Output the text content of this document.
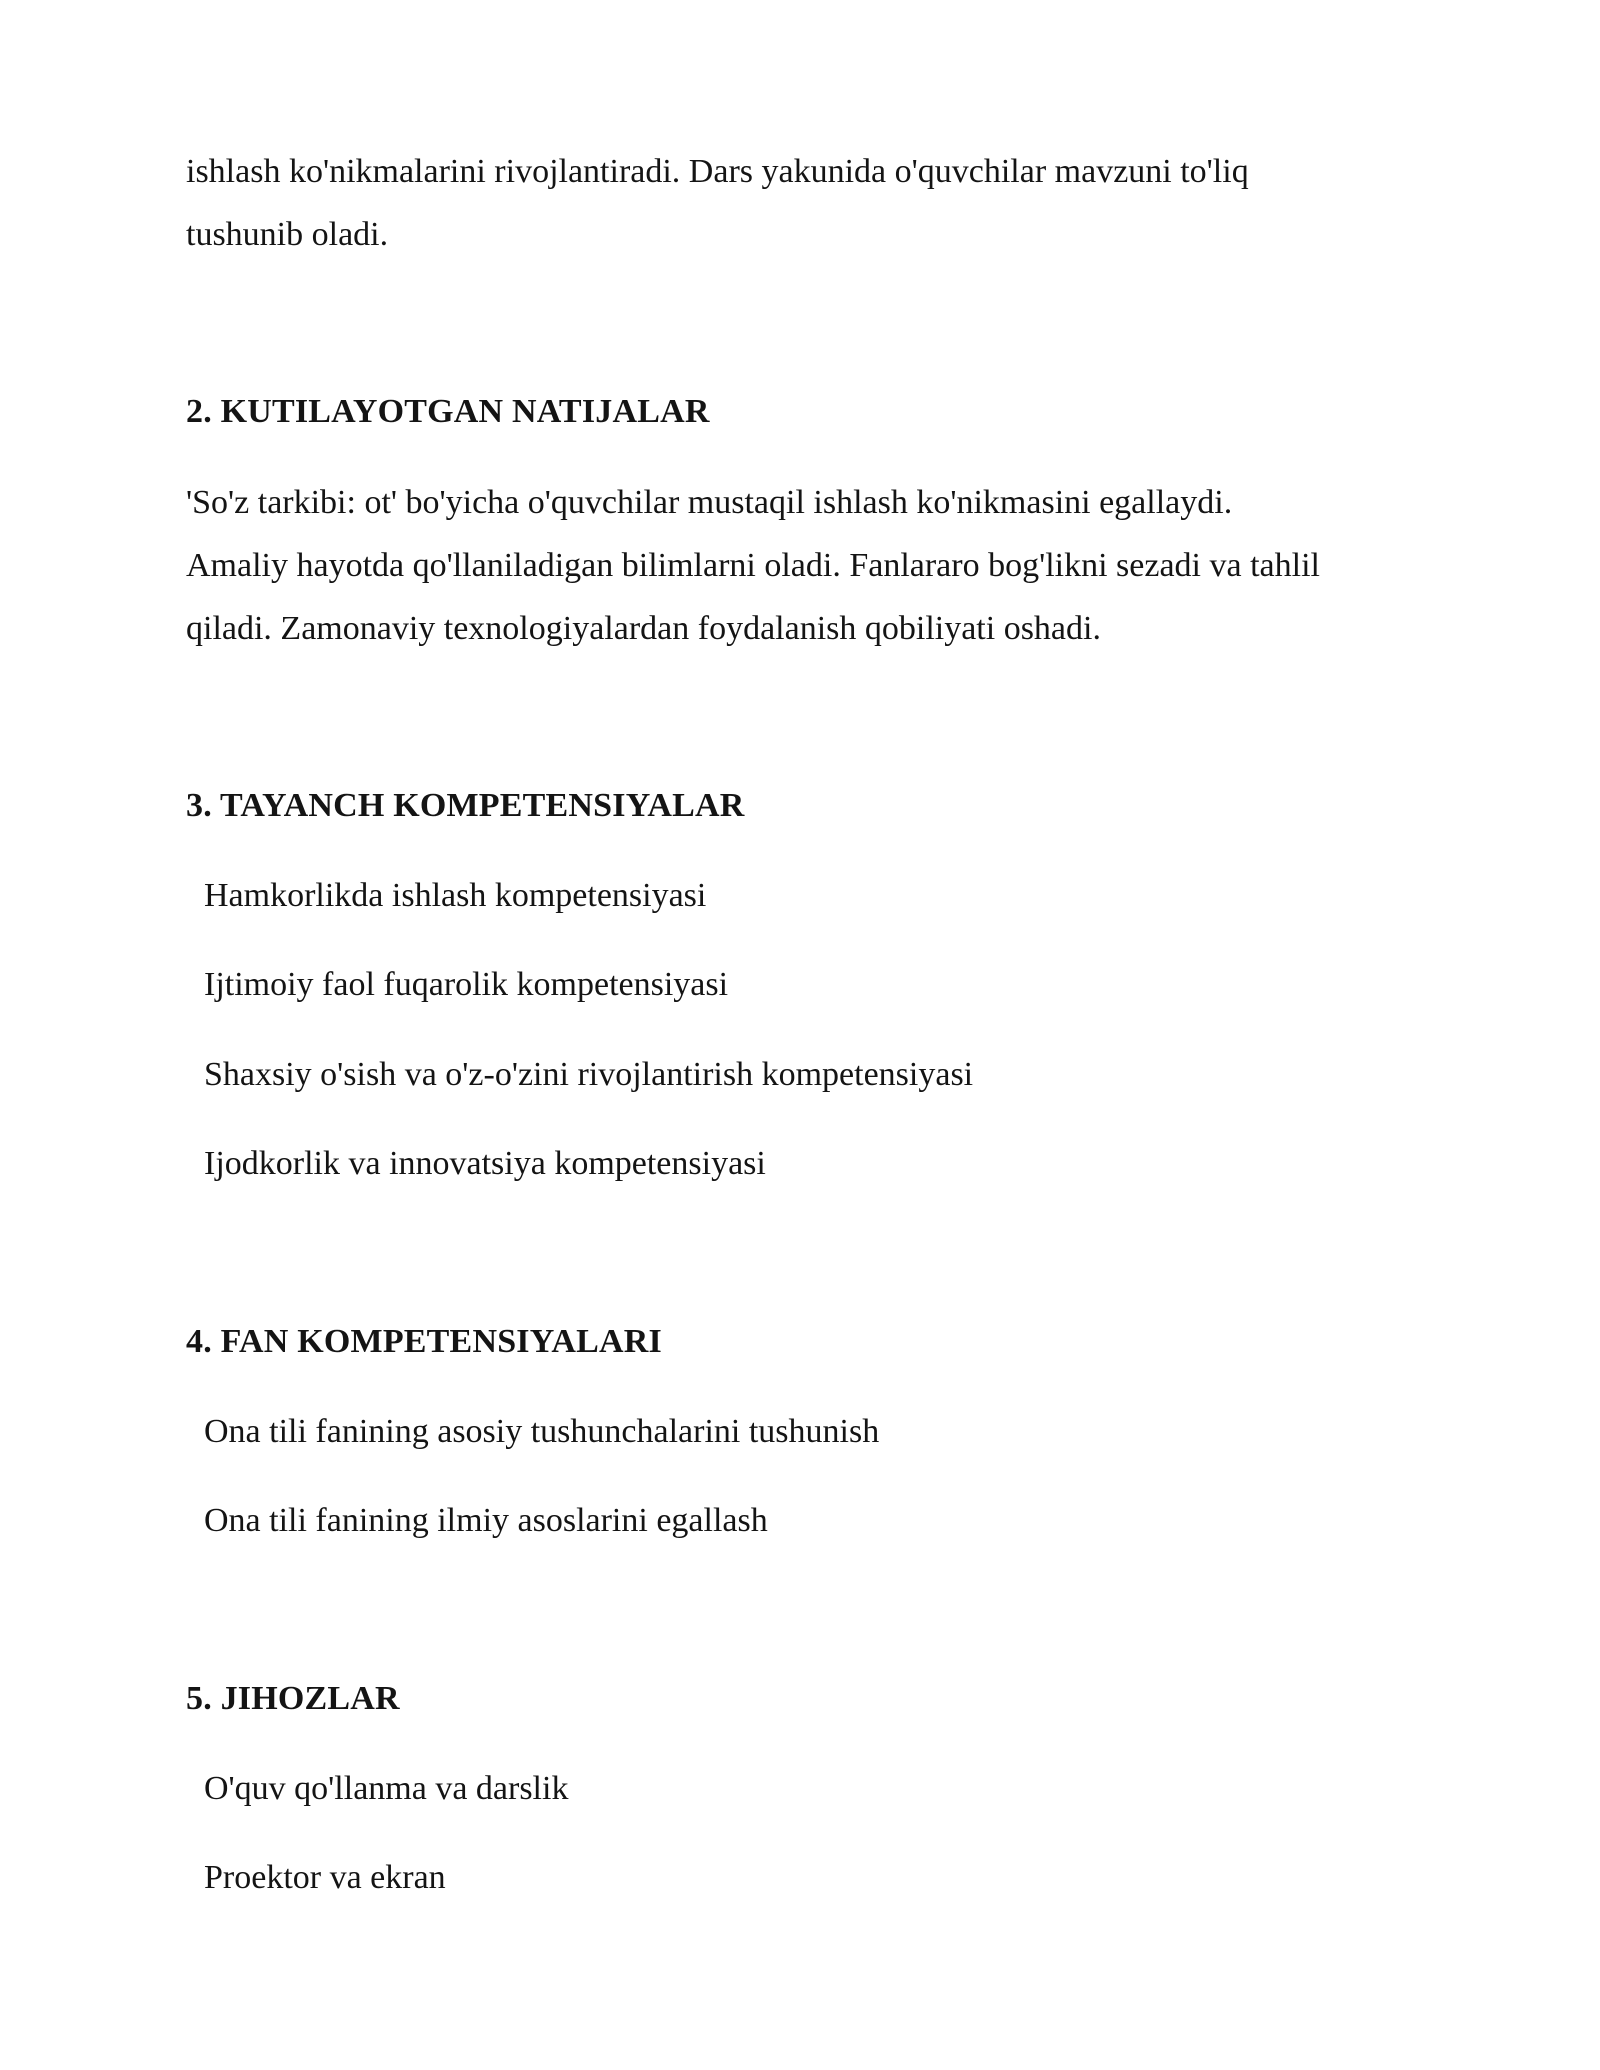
ishlash ko'nikmalarini rivojlantiradi. Dars yakunida o'quvchilar mavzuni to'liq

tushunib oladi.

2. KUTILAYOTGAN NATIJALAR

'So'z tarkibi: ot' bo'yicha o'quvchilar mustaqil ishlash ko'nikmasini egallaydi.

Amaliy hayotda qo'llaniladigan bilimlarni oladi. Fanlararo bog'likni sezadi va tahlil

qiladi. Zamonaviy texnologiyalardan foydalanish qobiliyati oshadi.

3. TAYANCH KOMPETENSIYALAR

Hamkorlikda ishlash kompetensiyasi

Ijtimoiy faol fuqarolik kompetensiyasi

Shaxsiy o'sish va o'z-o'zini rivojlantirish kompetensiyasi

Ijodkorlik va innovatsiya kompetensiyasi

4. FAN KOMPETENSIYALARI

Ona tili fanining asosiy tushunchalarini tushunish

Ona tili fanining ilmiy asoslarini egallash

5. JIHOZLAR

O'quv qo'llanma va darslik

Proektor va ekran
